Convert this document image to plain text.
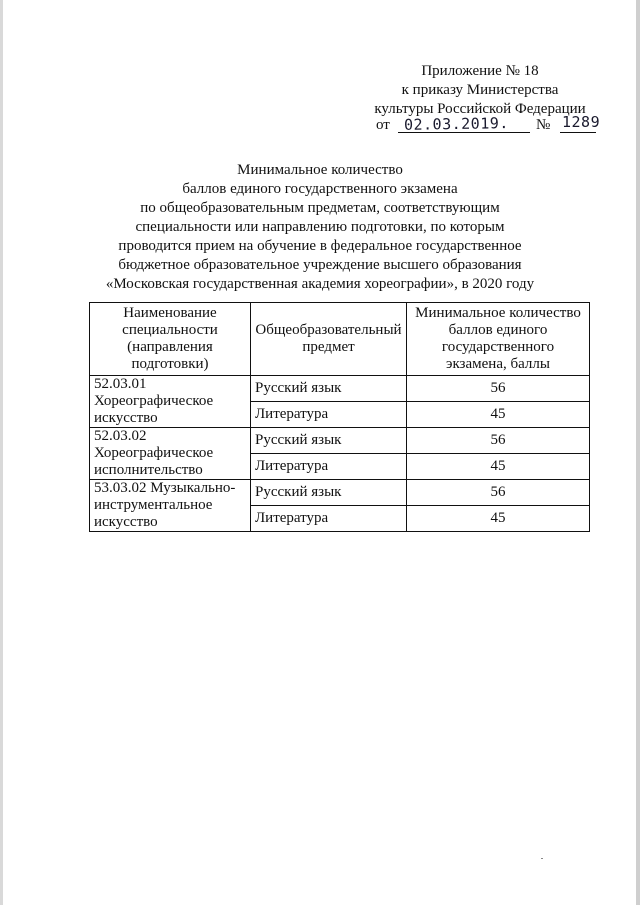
Приложение № 18
к приказу Министерства
культуры Российской Федерации
от 02.03.2019. № 1289
Минимальное количество
баллов единого государственного экзамена
по общеобразовательным предметам, соответствующим
специальности или направлению подготовки, по которым
проводится прием на обучение в федеральное государственное
бюджетное образовательное учреждение высшего образования
«Московская государственная академия хореографии», в 2020 году
Наименование специальности (направления подготовки)	Общеобразовательный предмет	Минимальное количество баллов единого государственного экзамена, баллы
52.03.01 Хореографическое искусство	Русский язык	56
	Литература	45
52.03.02 Хореографическое исполнительство	Русский язык	56
	Литература	45
53.03.02 Музыкально-инструментальное искусство	Русский язык	56
	Литература	45
